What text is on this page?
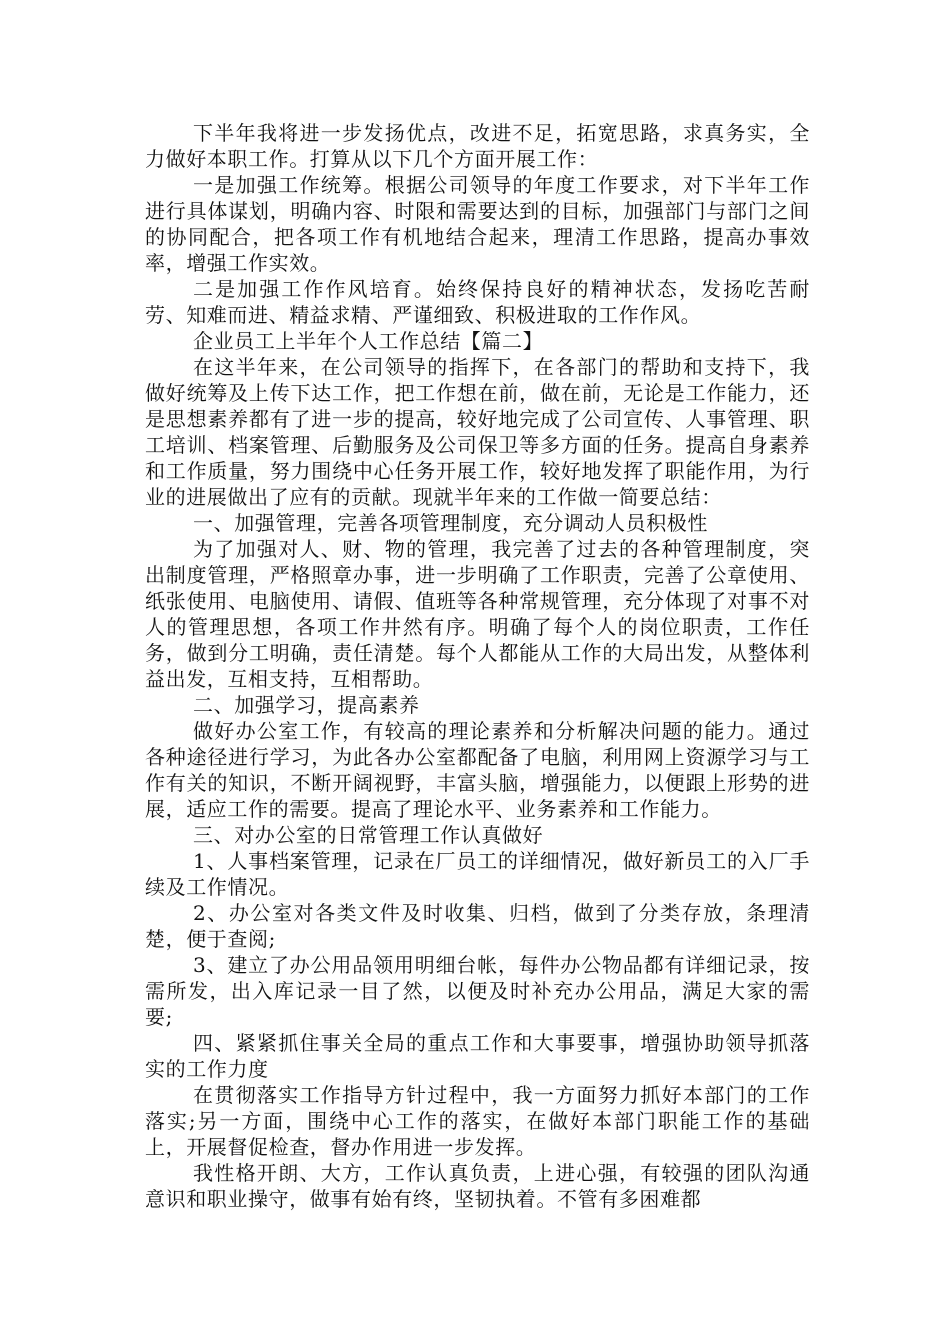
下半年我将进一步发扬优点，改进不足，拓宽思路，求真务实，全力做好本职工作。打算从以下几个方面开展工作：

一是加强工作统筹。根据公司领导的年度工作要求，对下半年工作进行具体谋划，明确内容、时限和需要达到的目标，加强部门与部门之间的协同配合，把各项工作有机地结合起来，理清工作思路，提高办事效率，增强工作实效。

二是加强工作作风培育。始终保持良好的精神状态，发扬吃苦耐劳、知难而进、精益求精、严谨细致、积极进取的工作作风。

企业员工上半年个人工作总结【篇二】

在这半年来，在公司领导的指挥下，在各部门的帮助和支持下，我做好统筹及上传下达工作，把工作想在前，做在前，无论是工作能力，还是思想素养都有了进一步的提高，较好地完成了公司宣传、人事管理、职工培训、档案管理、后勤服务及公司保卫等多方面的任务。提高自身素养和工作质量，努力围绕中心任务开展工作，较好地发挥了职能作用，为行业的进展做出了应有的贡献。现就半年来的工作做一简要总结：

一、加强管理，完善各项管理制度，充分调动人员积极性

为了加强对人、财、物的管理，我完善了过去的各种管理制度，突出制度管理，严格照章办事，进一步明确了工作职责，完善了公章使用、纸张使用、电脑使用、请假、值班等各种常规管理，充分体现了对事不对人的管理思想，各项工作井然有序。明确了每个人的岗位职责，工作任务，做到分工明确，责任清楚。每个人都能从工作的大局出发，从整体利益出发，互相支持，互相帮助。

二、加强学习，提高素养

做好办公室工作，有较高的理论素养和分析解决问题的能力。通过各种途径进行学习，为此各办公室都配备了电脑，利用网上资源学习与工作有关的知识，不断开阔视野，丰富头脑，增强能力，以便跟上形势的进展，适应工作的需要。提高了理论水平、业务素养和工作能力。

三、对办公室的日常管理工作认真做好

1、人事档案管理，记录在厂员工的详细情况，做好新员工的入厂手续及工作情况。

2、办公室对各类文件及时收集、归档，做到了分类存放，条理清楚，便于查阅;

3、建立了办公用品领用明细台帐，每件办公物品都有详细记录，按需所发，出入库记录一目了然，以便及时补充办公用品，满足大家的需要;

四、紧紧抓住事关全局的重点工作和大事要事，增强协助领导抓落实的工作力度

在贯彻落实工作指导方针过程中，我一方面努力抓好本部门的工作落实;另一方面，围绕中心工作的落实，在做好本部门职能工作的基础上，开展督促检查，督办作用进一步发挥。

我性格开朗、大方，工作认真负责，上进心强，有较强的团队沟通意识和职业操守，做事有始有终，坚韧执着。不管有多困难都
